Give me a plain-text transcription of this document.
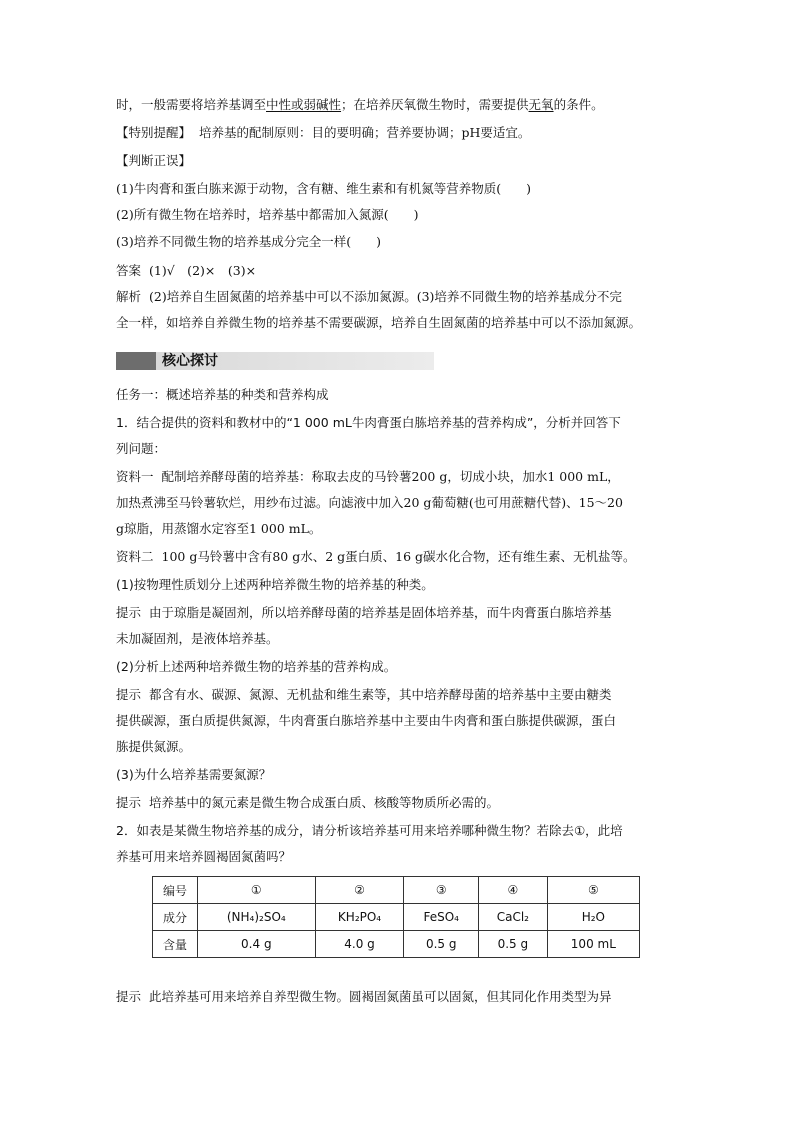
时，一般需要将培养基调至中性或弱碱性；在培养厌氧微生物时，需要提供无氧的条件。
【特别提醒】 培养基的配制原则：目的要明确；营养要协调；pH要适宜。
【判断正误】
(1)牛肉膏和蛋白胨来源于动物，含有糖、维生素和有机氮等营养物质(　　)
(2)所有微生物在培养时，培养基中都需加入氮源(　　)
(3)培养不同微生物的培养基成分完全一样(　　)
答案 (1)√　(2)×　(3)×
解析 (2)培养自生固氮菌的培养基中可以不添加氮源。(3)培养不同微生物的培养基成分不完
全一样，如培养自养微生物的培养基不需要碳源，培养自生固氮菌的培养基中可以不添加氮源。
核心探讨
任务一：概述培养基的种类和营养构成
1．结合提供的资料和教材中的“1 000 mL牛肉膏蛋白胨培养基的营养构成”，分析并回答下
列问题：
资料一 配制培养酵母菌的培养基：称取去皮的马铃薯200 g，切成小块，加水1 000 mL，
加热煮沸至马铃薯软烂，用纱布过滤。向滤液中加入20 g葡萄糖(也可用蔗糖代替)、15～20
g琼脂，用蒸馏水定容至1 000 mL。
资料二 100 g马铃薯中含有80 g水、2 g蛋白质、16 g碳水化合物，还有维生素、无机盐等。
(1)按物理性质划分上述两种培养微生物的培养基的种类。
提示 由于琼脂是凝固剂，所以培养酵母菌的培养基是固体培养基，而牛肉膏蛋白胨培养基
未加凝固剂，是液体培养基。
(2)分析上述两种培养微生物的培养基的营养构成。
提示 都含有水、碳源、氮源、无机盐和维生素等，其中培养酵母菌的培养基中主要由糖类
提供碳源，蛋白质提供氮源，牛肉膏蛋白胨培养基中主要由牛肉膏和蛋白胨提供碳源，蛋白
胨提供氮源。
(3)为什么培养基需要氮源？
提示 培养基中的氮元素是微生物合成蛋白质、核酸等物质所必需的。
2．如表是某微生物培养基的成分，请分析该培养基可用来培养哪种微生物？若除去①，此培
养基可用来培养圆褐固氮菌吗？
编号	①	②	③	④	⑤
成分	(NH₄)₂SO₄	KH₂PO₄	FeSO₄	CaCl₂	H₂O
含量	0.4 g	4.0 g	0.5 g	0.5 g	100 mL
提示 此培养基可用来培养自养型微生物。圆褐固氮菌虽可以固氮，但其同化作用类型为异
